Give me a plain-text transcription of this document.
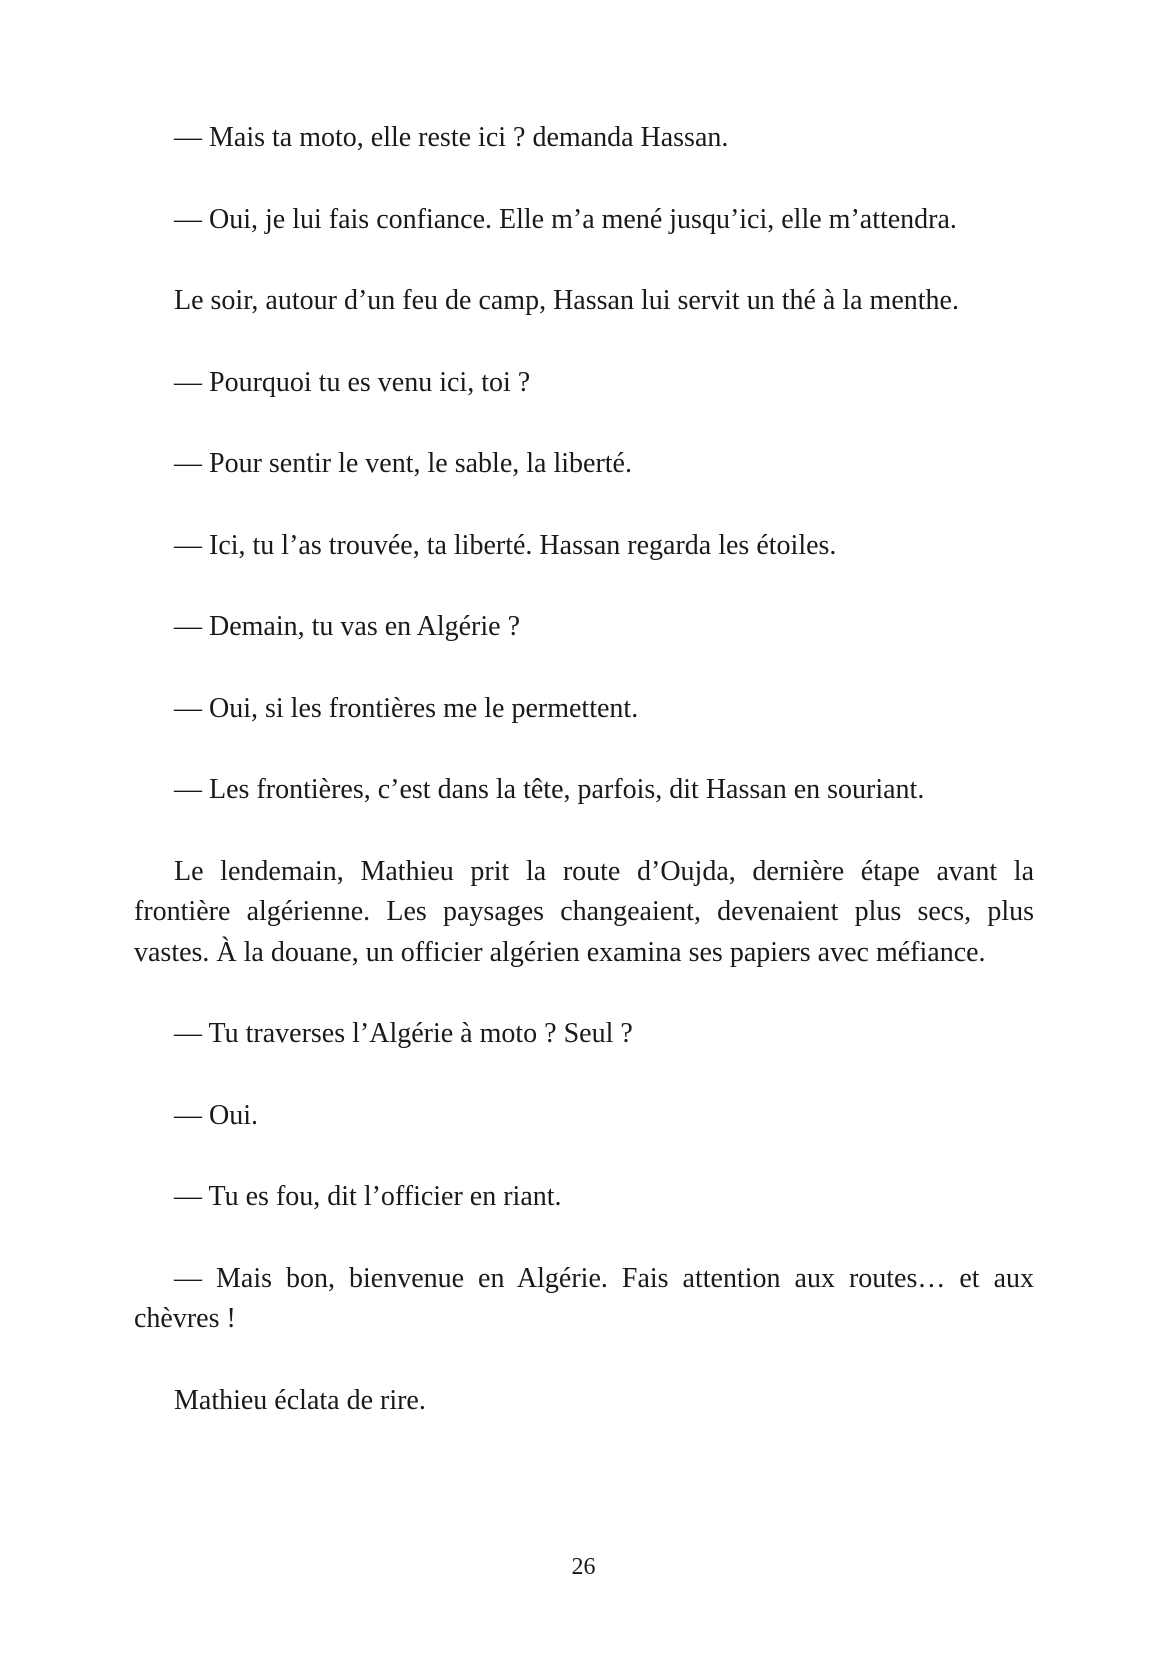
— Mais ta moto, elle reste ici ? demanda Hassan.

— Oui, je lui fais confiance. Elle m’a mené jusqu’ici, elle m’attendra.

Le soir, autour d’un feu de camp, Hassan lui servit un thé à la menthe.

— Pourquoi tu es venu ici, toi ?

— Pour sentir le vent, le sable, la liberté.

— Ici, tu l’as trouvée, ta liberté. Hassan regarda les étoiles.

— Demain, tu vas en Algérie ?

— Oui, si les frontières me le permettent.

— Les frontières, c’est dans la tête, parfois, dit Hassan en souriant.

Le lendemain, Mathieu prit la route d’Oujda, dernière étape avant la frontière algérienne. Les paysages changeaient, devenaient plus secs, plus vastes. À la douane, un officier algérien examina ses papiers avec méfiance.

— Tu traverses l’Algérie à moto ? Seul ?

— Oui.

— Tu es fou, dit l’officier en riant.

— Mais bon, bienvenue en Algérie. Fais attention aux routes… et aux chèvres !

Mathieu éclata de rire.

26
